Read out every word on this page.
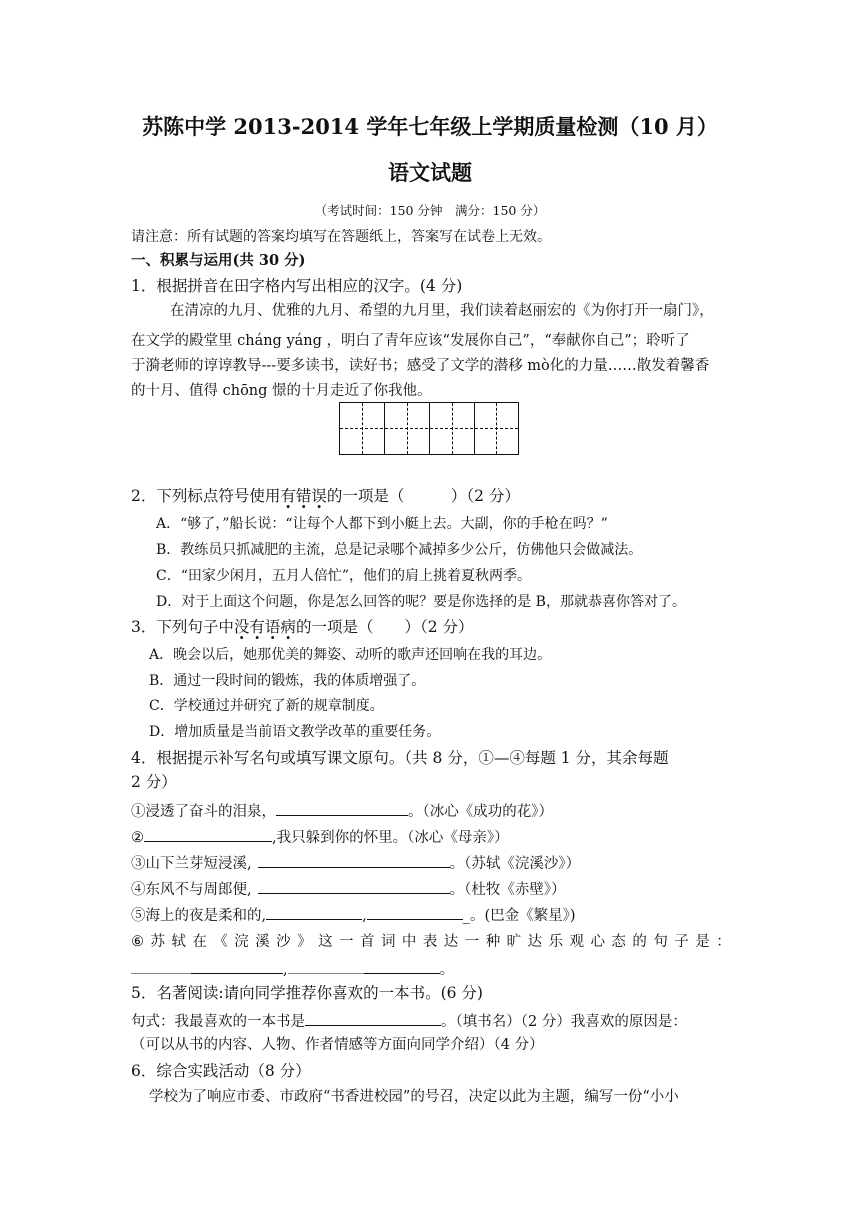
苏陈中学 2013-2014 学年七年级上学期质量检测（10 月）
语文试题
（考试时间：150 分钟　满分：150 分）
请注意：所有试题的答案均填写在答题纸上，答案写在试卷上无效。
一、积累与运用(共 30 分)
1．根据拼音在田字格内写出相应的汉字。(4 分)
在清凉的九月、优雅的九月、希望的九月里，我们读着赵丽宏的《为你打开一扇门》，
在文学的殿堂里 cháng yáng ，明白了青年应该“发展你自己”，“奉献你自己”；聆听了
于漪老师的谆谆教导---要多读书，读好书；感受了文学的潜移 mò化的力量……散发着馨香
的十月、值得 chōng 憬的十月走近了你我他。
2．下列标点符号使用有错误的一项是（　　　）（2 分）
A．“够了，”船长说：“让每个人都下到小艇上去。大副，你的手枪在吗？”
B．教练员只抓减肥的主流，总是记录哪个减掉多少公斤，仿佛他只会做减法。
C．“田家少闲月，五月人倍忙”，他们的肩上挑着夏秋两季。
D．对于上面这个问题，你是怎么回答的呢？要是你选择的是 B，那就恭喜你答对了。
3．下列句子中没有语病的一项是（　　）（2 分）
A．晚会以后，她那优美的舞姿、动听的歌声还回响在我的耳边。
B．通过一段时间的锻炼，我的体质增强了。
C．学校通过并研究了新的规章制度。
D．增加质量是当前语文教学改革的重要任务。
4．根据提示补写名句或填写课文原句。（共 8 分，①—④每题 1 分，其余每题
2 分）
①浸透了奋斗的泪泉，	。（冰心《成功的花》）
②	,我只躲到你的怀里。（冰心《母亲》）
③山下兰芽短浸溪,	。（苏轼《浣溪沙》）
④东风不与周郎便,	。（杜牧《赤壁》）
⑤海上的夜是柔和的,	,	_。(巴金《繁星》)
⑥ 苏 轼 在 《 浣 溪 沙 》 这 一 首 词 中 表 达 一 种 旷 达 乐 观 心 态 的 句 子 是 ：
,	。
5．名著阅读:请向同学推荐你喜欢的一本书。(6 分)
句式：我最喜欢的一本书是	。（填书名）（2 分）我喜欢的原因是：
（可以从书的内容、人物、作者情感等方面向同学介绍）（4 分）
6．综合实践活动（8 分）
学校为了响应市委、市政府“书香进校园”的号召，决定以此为主题，编写一份“小小
